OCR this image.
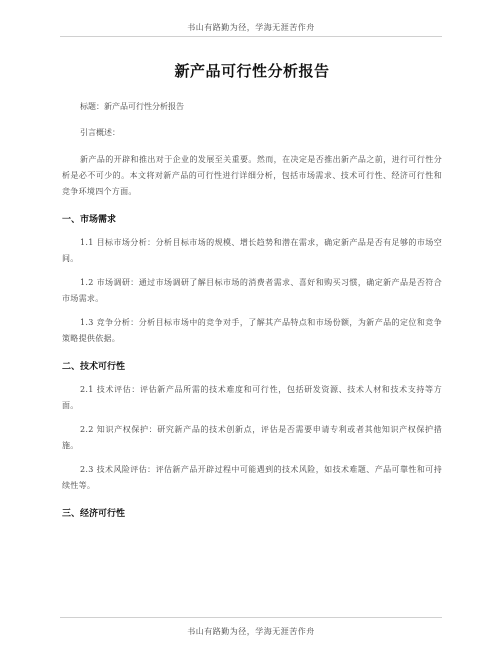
书山有路勤为径，学海无涯苦作舟
新产品可行性分析报告

标题：新产品可行性分析报告

引言概述：

新产品的开辟和推出对于企业的发展至关重要。然而，在决定是否推出新产品之前，进行可行性分析是必不可少的。本文将对新产品的可行性进行详细分析，包括市场需求、技术可行性、经济可行性和竞争环境四个方面。

一、市场需求

1.1 目标市场分析：分析目标市场的规模、增长趋势和潜在需求，确定新产品是否有足够的市场空间。

1.2 市场调研：通过市场调研了解目标市场的消费者需求、喜好和购买习惯，确定新产品是否符合市场需求。

1.3 竞争分析：分析目标市场中的竞争对手，了解其产品特点和市场份额，为新产品的定位和竞争策略提供依据。

二、技术可行性

2.1 技术评估：评估新产品所需的技术难度和可行性，包括研发资源、技术人材和技术支持等方面。

2.2 知识产权保护：研究新产品的技术创新点，评估是否需要申请专利或者其他知识产权保护措施。

2.3 技术风险评估：评估新产品开辟过程中可能遇到的技术风险，如技术难题、产品可靠性和可持续性等。

三、经济可行性
书山有路勤为径，学海无涯苦作舟
